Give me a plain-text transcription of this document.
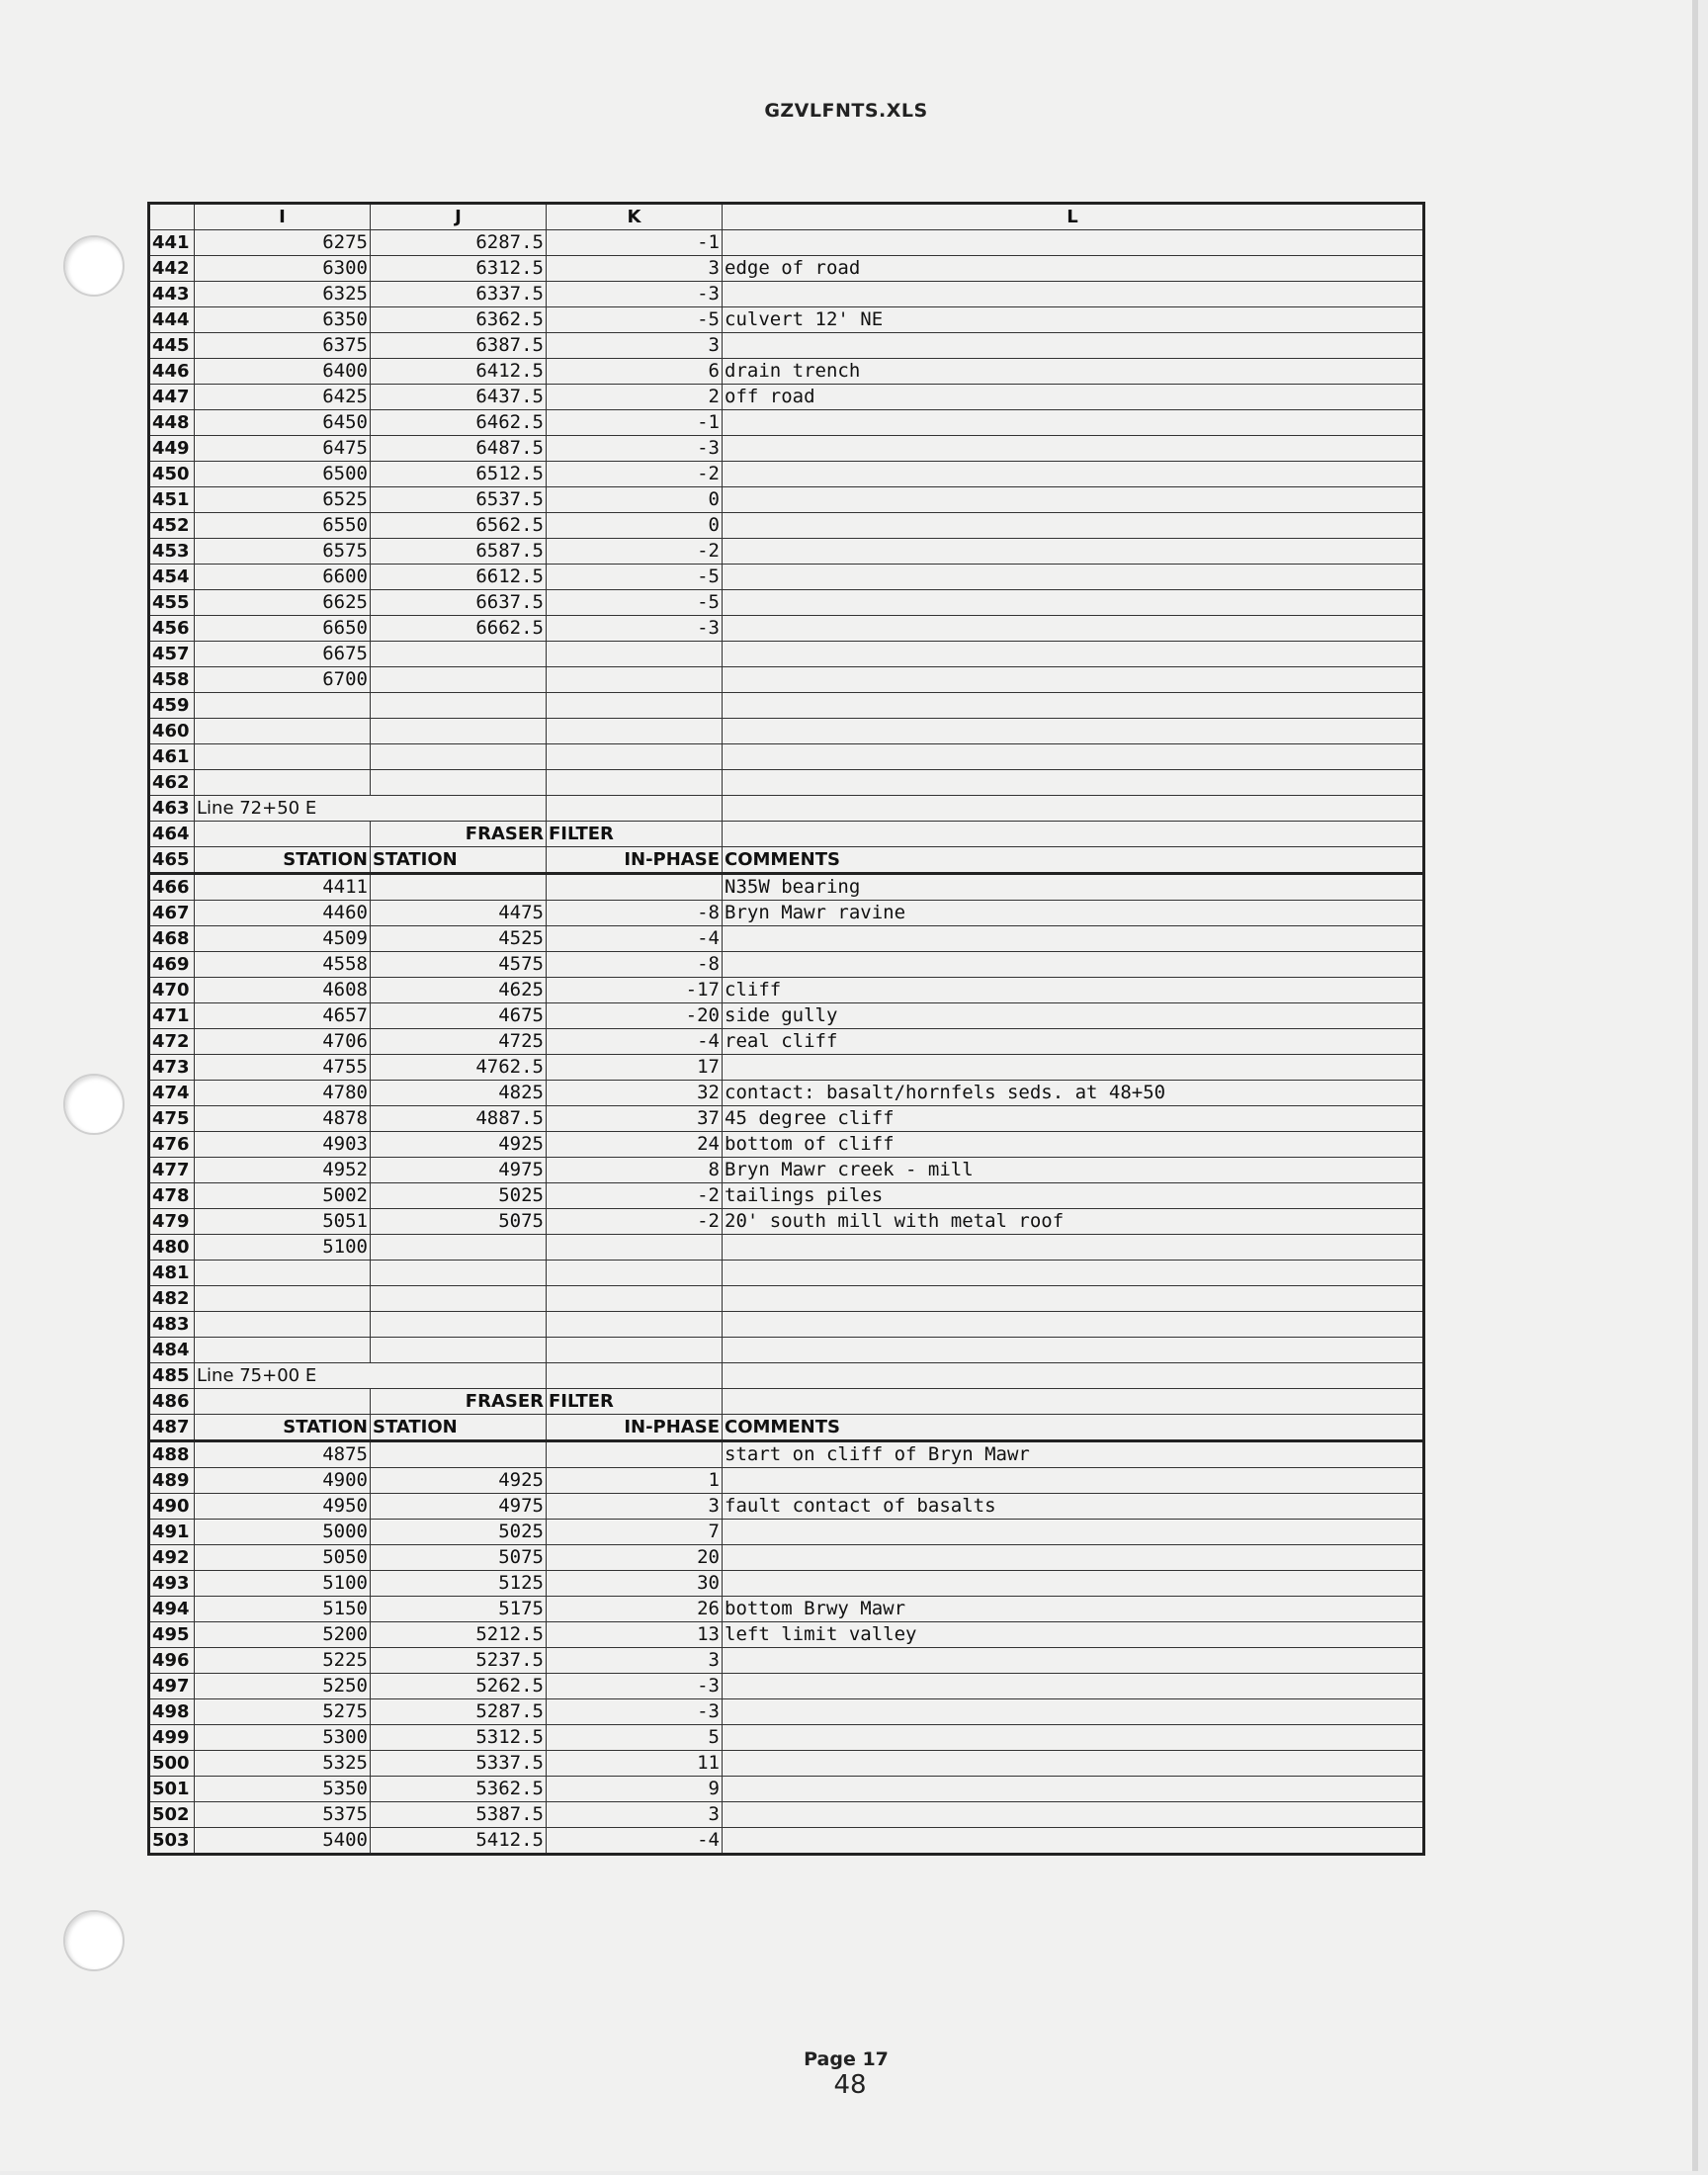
GZVLFNTS.XLS
	I	J	K	L
441	6275	6287.5	-1	
442	6300	6312.5	3	edge of road
443	6325	6337.5	-3	
444	6350	6362.5	-5	culvert 12' NE
445	6375	6387.5	3	
446	6400	6412.5	6	drain trench
447	6425	6437.5	2	off road
448	6450	6462.5	-1	
449	6475	6487.5	-3	
450	6500	6512.5	-2	
451	6525	6537.5	0	
452	6550	6562.5	0	
453	6575	6587.5	-2	
454	6600	6612.5	-5	
455	6625	6637.5	-5	
456	6650	6662.5	-3	
457	6675			
458	6700			
459				
460				
461				
462				
463	Line 72+50 E			
464		FRASER	FILTER	
465	STATION	STATION	IN-PHASE	COMMENTS
466	4411			N35W bearing
467	4460	4475	-8	Bryn Mawr ravine
468	4509	4525	-4	
469	4558	4575	-8	
470	4608	4625	-17	cliff
471	4657	4675	-20	side gully
472	4706	4725	-4	real cliff
473	4755	4762.5	17	
474	4780	4825	32	contact: basalt/hornfels seds. at 48+50
475	4878	4887.5	37	45 degree cliff
476	4903	4925	24	bottom of cliff
477	4952	4975	8	Bryn Mawr creek - mill
478	5002	5025	-2	tailings piles
479	5051	5075	-2	20' south mill with metal roof
480	5100			
481				
482				
483				
484				
485	Line 75+00 E			
486		FRASER	FILTER	
487	STATION	STATION	IN-PHASE	COMMENTS
488	4875			start on cliff of Bryn Mawr
489	4900	4925	1	
490	4950	4975	3	fault contact of basalts
491	5000	5025	7	
492	5050	5075	20	
493	5100	5125	30	
494	5150	5175	26	bottom Brwy Mawr
495	5200	5212.5	13	left limit valley
496	5225	5237.5	3	
497	5250	5262.5	-3	
498	5275	5287.5	-3	
499	5300	5312.5	5	
500	5325	5337.5	11	
501	5350	5362.5	9	
502	5375	5387.5	3	
503	5400	5412.5	-4	
Page 17
48
